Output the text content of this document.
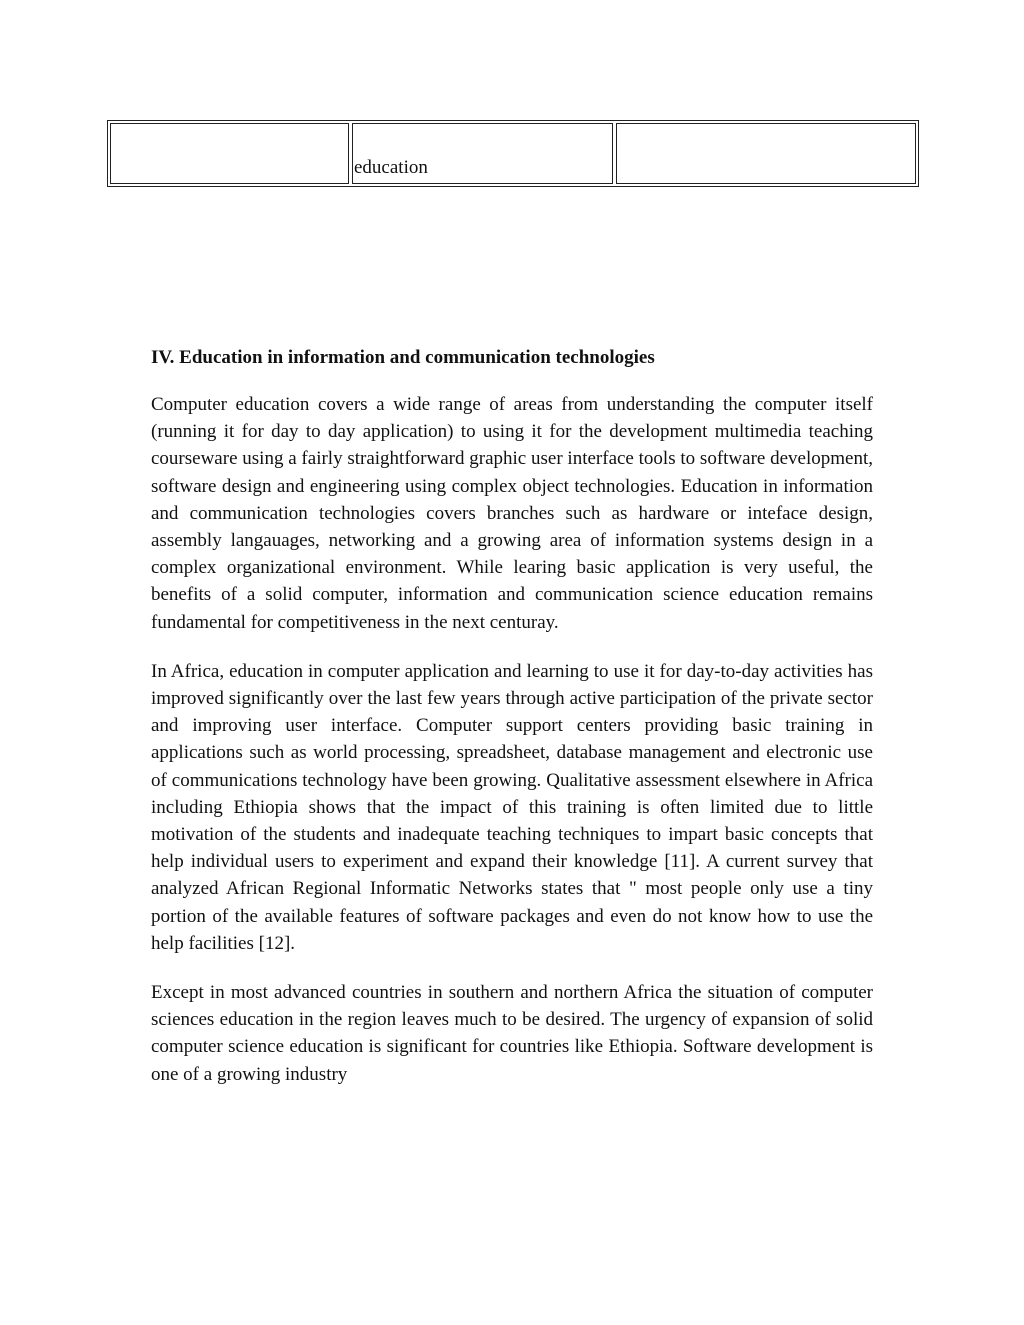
	education	
IV. Education in information and communication technologies

Computer education covers a wide range of areas from understanding the computer itself (running it for day to day application) to using it for the development multimedia teaching courseware using a fairly straightforward graphic user interface tools to software development, software design and engineering using complex object technologies. Education in information and communication technologies covers branches such as hardware or inteface design, assembly langauages, networking and a growing area of information systems design in a complex organizational environment. While learing basic application is very useful, the benefits of a solid computer, information and communication science education remains fundamental for competitiveness in the next centuray.

In Africa, education in computer application and learning to use it for day-to-day activities has improved significantly over the last few years through active participation of the private sector and improving user interface. Computer support centers providing basic training in applications such as world processing, spreadsheet, database management and electronic use of communications technology have been growing. Qualitative assessment elsewhere in Africa including Ethiopia shows that the impact of this training is often limited due to little motivation of the students and inadequate teaching techniques to impart basic concepts that help individual users to experiment and expand their knowledge [11]. A current survey that analyzed African Regional Informatic Networks states that " most people only use a tiny portion of the available features of software packages and even do not know how to use the help facilities [12].

Except in most advanced countries in southern and northern Africa the situation of computer sciences education in the region leaves much to be desired. The urgency of expansion of solid computer science education is significant for countries like Ethiopia. Software development is one of a growing industry
